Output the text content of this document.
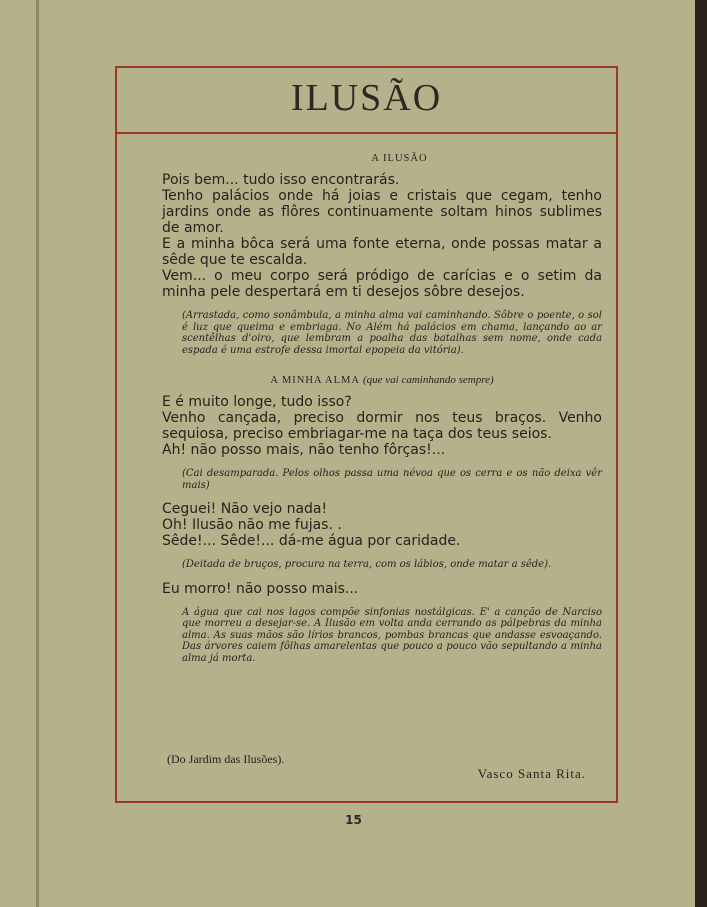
ILUSÃO
A ILUSÃO

Pois bem... tudo isso encontrarás.

Tenho palácios onde há joias e cristais que cegam, tenho jardins onde as flôres continuamente soltam hinos sublimes de amor.

E a minha bôca será uma fonte eterna, onde possas matar a sêde que te escalda.

Vem... o meu corpo será pródigo de carícias e o setim da minha pele despertará em ti desejos sôbre desejos.

(Arrastada, como sonâmbula, a minha alma vai caminhando. Sôbre o poente, o sol é luz que queima e embriaga. No Além há palácios em chama, lançando ao ar scentêlhas d'oiro, que lembram a poalha das batalhas sem nome, onde cada espada é uma estrofe dessa imortal epopeia da vitória).
A MINHA ALMA (que vai caminhando sempre)

E é muito longe, tudo isso?

Venho cançada, preciso dormir nos teus braços. Venho sequiosa, preciso embriagar-me na taça dos teus seios.

Ah! não posso mais, não tenho fôrças!...

(Cai desamparada. Pelos olhos passa uma névoa que os cerra e os não deixa vêr mais)
Ceguei! Não vejo nada!
Oh! Ilusão não me fujas. .
Sêde!... Sêde!... dá-me água por caridade.
(Deitada de bruços, procura na terra, com os lábios, onde matar a sêde).

Eu morro! não posso mais...

A água que cai nos lagos compõe sinfonias nostálgicas. E' a canção de Narciso que morreu a desejar-se. A Ilusão em volta anda cerrando as pálpebras da minha alma. As suas mãos são lírios brancos, pombas brancas que andasse esvoaçando. Das árvores caiem fôlhas amarelentas que pouco a pouco vão sepultando a minha alma já morta.
(Do Jardim das Ilusões).
Vasco Santa Rita.
15
